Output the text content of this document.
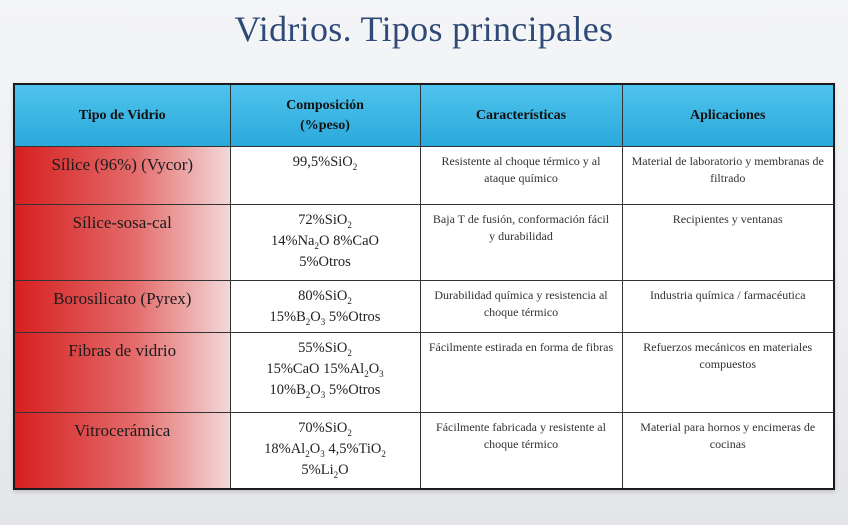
Vidrios. Tipos principales
Tipo de Vidrio	Composición
(%peso)	Características	Aplicaciones
Sílice (96%) (Vycor)	99,5%SiO$_2$	Resistente al choque térmico y al ataque químico	Material de laboratorio y membranas de filtrado
Sílice-sosa-cal	72%SiO$_2$
$14\%Na_2O$ 8%CaO
5%Otros	Baja T de fusión, conformación fácil y durabilidad	Recipientes y ventanas
Borosilicato (Pyrex)	80%SiO$_2$
$15\%B_2O_3$ 5%Otros	Durabilidad química y resistencia al choque térmico	Industria química / farmacéutica
Fibras de vidrio	55%SiO$_2$
15%CaO $15\%Al_2O_3$
$10\%B_2O_3$ 5%Otros	Fácilmente estirada en forma de fibras	Refuerzos mecánicos en materiales compuestos
Vitrocerámica	70%SiO$_2$
$18\%Al_2O_3$ 4,5%TiO$_2$
$5\%Li_2O$	Fácilmente fabricada y resistente al choque térmico	Material para hornos y encimeras de cocinas
